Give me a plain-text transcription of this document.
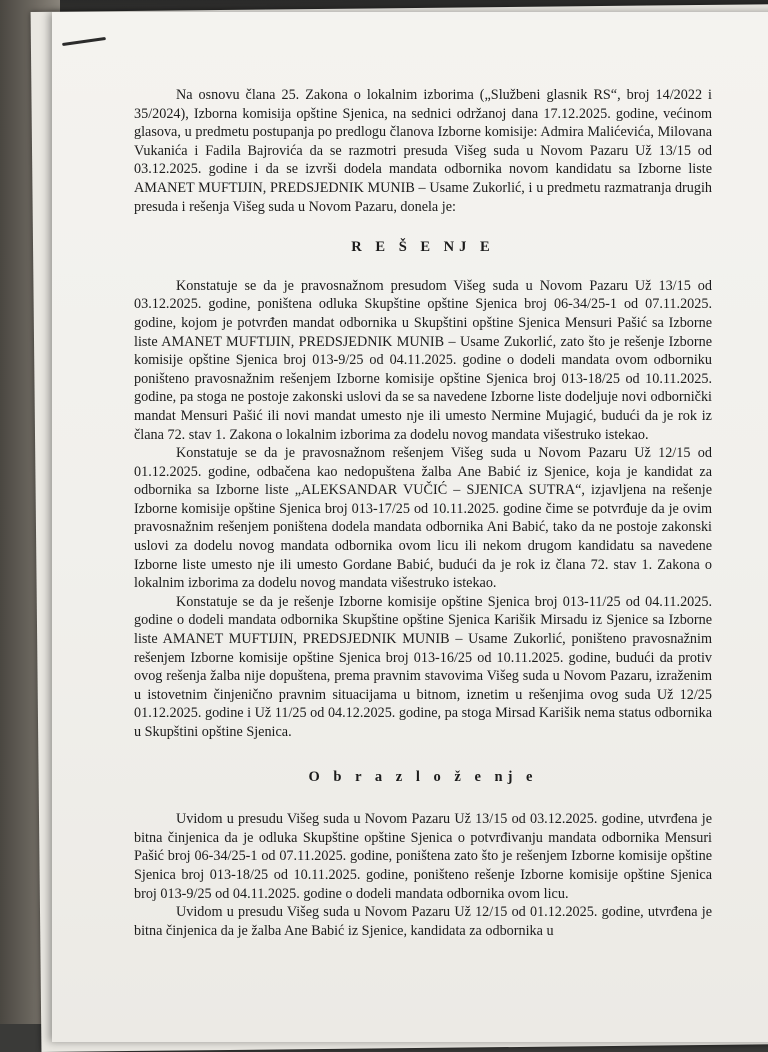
Na osnovu člana 25. Zakona o lokalnim izborima („Službeni glasnik RS“, broj 14/2022 i 35/2024), Izborna komisija opštine Sjenica, na sednici održanoj dana 17.12.2025. godine, većinom glasova, u predmetu postupanja po predlogu članova Izborne komisije: Admira Malićevića, Milovana Vukanića i Fadila Bajrovića da se razmotri presuda Višeg suda u Novom Pazaru Už 13/15 od 03.12.2025. godine i da se izvrši dodela mandata odbornika novom kandidatu sa Izborne liste AMANET MUFTIJIN, PREDSJEDNIK MUNIB – Usame Zukorlić, i u predmetu razmatranja drugih presuda i rešenja Višeg suda u Novom Pazaru, donela je:

R E Š E NJ E

Konstatuje se da je pravosnažnom presudom Višeg suda u Novom Pazaru Už 13/15 od 03.12.2025. godine, poništena odluka Skupštine opštine Sjenica broj 06-34/25-1 od 07.11.2025. godine, kojom je potvrđen mandat odbornika u Skupštini opštine Sjenica Mensuri Pašić sa Izborne liste AMANET MUFTIJIN, PREDSJEDNIK MUNIB – Usame Zukorlić, zato što je rešenje Izborne komisije opštine Sjenica broj 013-9/25 od 04.11.2025. godine o dodeli mandata ovom odborniku poništeno pravosnažnim rešenjem Izborne komisije opštine Sjenica broj 013-18/25 od 10.11.2025. godine, pa stoga ne postoje zakonski uslovi da se sa navedene Izborne liste dodeljuje novi odbornički mandat Mensuri Pašić ili novi mandat umesto nje ili umesto Nermine Mujagić, budući da je rok iz člana 72. stav 1. Zakona o lokalnim izborima za dodelu novog mandata višestruko istekao.

Konstatuje se da je pravosnažnom rešenjem Višeg suda u Novom Pazaru Už 12/15 od 01.12.2025. godine, odbačena kao nedopuštena žalba Ane Babić iz Sjenice, koja je kandidat za odbornika sa Izborne liste „ALEKSANDAR VUČIĆ – SJENICA SUTRA“, izjavljena na rešenje Izborne komisije opštine Sjenica broj 013-17/25 od 10.11.2025. godine čime se potvrđuje da je ovim pravosnažnim rešenjem poništena dodela mandata odbornika Ani Babić, tako da ne postoje zakonski uslovi za dodelu novog mandata odbornika ovom licu ili nekom drugom kandidatu sa navedene Izborne liste umesto nje ili umesto Gordane Babić, budući da je rok iz člana 72. stav 1. Zakona o lokalnim izborima za dodelu novog mandata višestruko istekao.

Konstatuje se da je rešenje Izborne komisije opštine Sjenica broj 013-11/25 od 04.11.2025. godine o dodeli mandata odbornika Skupštine opštine Sjenica Karišik Mirsadu iz Sjenice sa Izborne liste AMANET MUFTIJIN, PREDSJEDNIK MUNIB – Usame Zukorlić, poništeno pravosnažnim rešenjem Izborne komisije opštine Sjenica broj 013-16/25 od 10.11.2025. godine, budući da protiv ovog rešenja žalba nije dopuštena, prema pravnim stavovima Višeg suda u Novom Pazaru, izraženim u istovetnim činjenično pravnim situacijama u bitnom, iznetim u rešenjima ovog suda Už 12/25 01.12.2025. godine i Už 11/25 od 04.12.2025. godine, pa stoga Mirsad Karišik nema status odbornika u Skupštini opštine Sjenica.

O b r a z l o ž e nj e

Uvidom u presudu Višeg suda u Novom Pazaru Už 13/15 od 03.12.2025. godine, utvrđena je bitna činjenica da je odluka Skupštine opštine Sjenica o potvrđivanju mandata odbornika Mensuri Pašić broj 06-34/25-1 od 07.11.2025. godine, poništena zato što je rešenjem Izborne komisije opštine Sjenica broj 013-18/25 od 10.11.2025. godine, poništeno rešenje Izborne komisije opštine Sjenica broj 013-9/25 od 04.11.2025. godine o dodeli mandata odbornika ovom licu.

Uvidom u presudu Višeg suda u Novom Pazaru Už 12/15 od 01.12.2025. godine, utvrđena je bitna činjenica da je žalba Ane Babić iz Sjenice, kandidata za odbornika u
